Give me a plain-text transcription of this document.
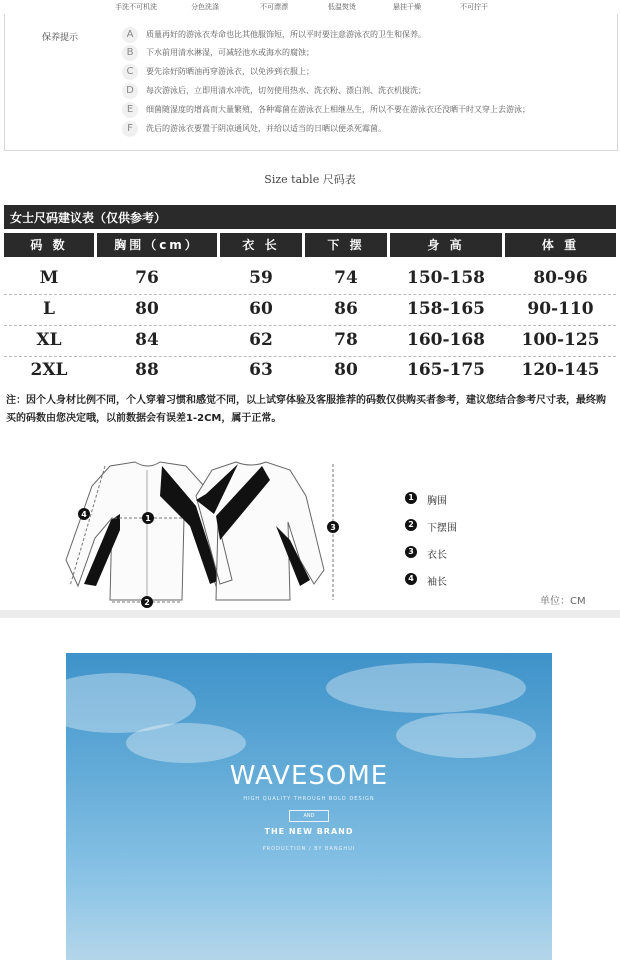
手洗不可机洗	分色洗涤	不可漂漂	低温熨烫	悬挂干燥	不可拧干
保养提示	A	质量再好的游泳衣寿命也比其他服饰短，所以平时要注意游泳衣的卫生和保养。
B	下水前用清水淋湿，可减轻池水或海水的腐蚀；
C	要先涂好防晒油再穿游泳衣，以免涉到衣服上；
D	每次游泳后，立即用清水冲洗，切勿使用热水、洗衣粉、漂白剂、洗衣机搅洗；
E	细菌随湿度的增高而大量繁殖，各种霉菌在游泳衣上相继丛生，所以不要在游泳衣还没晒干时又穿上去游泳；
F	洗后的游泳衣要置于阴凉通风处，并给以适当的日晒以便杀死霉菌。
Size table 尺码表
女士尺码建议表（仅供参考）
码 数	胸围（cm）	衣 长	下 摆	身 高	体 重
M	76	59	74	150-158	80-96
L	80	60	86	158-165	90-110
XL	84	62	78	160-168	100-125
2XL	88	63	80	165-175	120-145
注：因个人身材比例不同，个人穿着习惯和感觉不同，以上试穿体验及客服推荐的码数仅供购买者参考，建议您结合参考尺寸表，最终购买的码数由您决定哦，以前数据会有误差1-2CM，属于正常。
1
2
3
4
1	胸围
2	下摆围
3	衣长
4	袖长
单位：CM
WAVESOME
HIGH QUALITY THROUGH BOLD DESIGN
AND
THE NEW BRAND
PRODUCTION / BY BANGHUI
